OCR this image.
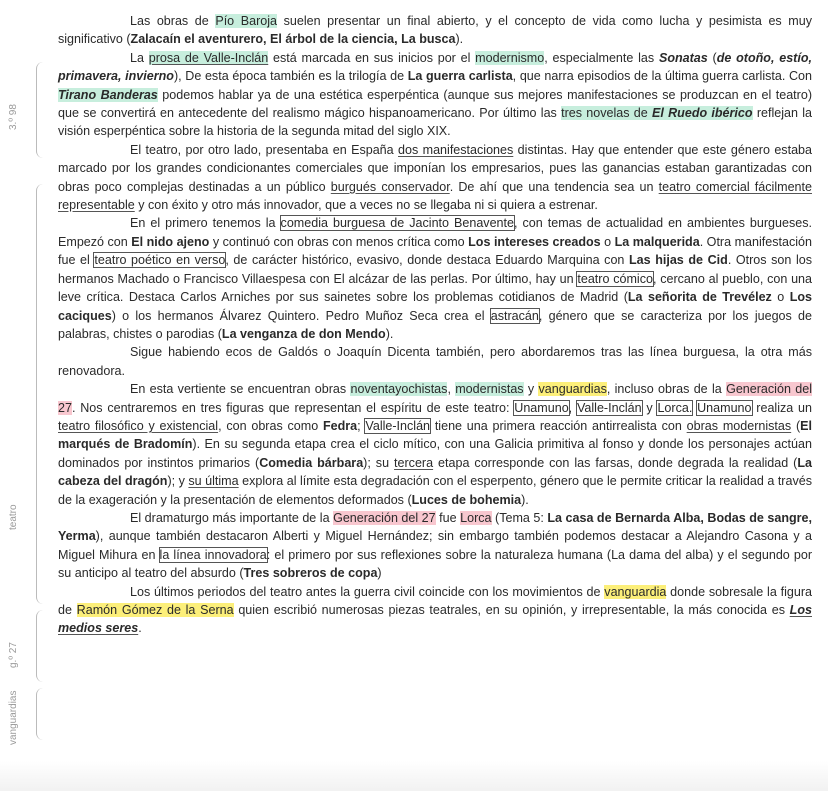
Las obras de Pío Baroja suelen presentar un final abierto, y el concepto de vida como lucha y pesimista es muy significativo (Zalacaín el aventurero, El árbol de la ciencia, La busca).

La prosa de Valle-Inclán está marcada en sus inicios por el modernismo, especialmente las Sonatas (de otoño, estío, primavera, invierno), De esta época también es la trilogía de La guerra carlista, que narra episodios de la última guerra carlista. Con Tirano Banderas podemos hablar ya de una estética esperpéntica (aunque sus mejores manifestaciones se produzcan en el teatro) que se convertirá en antecedente del realismo mágico hispanoamericano. Por último las tres novelas de El Ruedo ibérico reflejan la visión esperpéntica sobre la historia de la segunda mitad del siglo XIX.

El teatro, por otro lado, presentaba en España dos manifestaciones distintas. Hay que entender que este género estaba marcado por los grandes condicionantes comerciales que imponían los empresarios, pues las ganancias estaban garantizadas con obras poco complejas destinadas a un público burgués conservador. De ahí que una tendencia sea un teatro comercial fácilmente representable y con éxito y otro más innovador, que a veces no se llegaba ni si quiera a estrenar.

En el primero tenemos la comedia burguesa de Jacinto Benavente, con temas de actualidad en ambientes burgueses. Empezó con El nido ajeno y continuó con obras con menos crítica como Los intereses creados o La malquerida. Otra manifestación fue el teatro poético en verso, de carácter histórico, evasivo, donde destaca Eduardo Marquina con Las hijas de Cid. Otros son los hermanos Machado o Francisco Villaespesa con El alcázar de las perlas. Por último, hay un teatro cómico, cercano al pueblo, con una leve crítica. Destaca Carlos Arniches por sus sainetes sobre los problemas cotidianos de Madrid (La señorita de Trevélez o Los caciques) o los hermanos Álvarez Quintero. Pedro Muñoz Seca crea el astracán, género que se caracteriza por los juegos de palabras, chistes o parodias (La venganza de don Mendo).

Sigue habiendo ecos de Galdós o Joaquín Dicenta también, pero abordaremos tras las línea burguesa, la otra más renovadora.

En esta vertiente se encuentran obras noventayochistas, modernistas y vanguardias, incluso obras de la Generación del 27. Nos centraremos en tres figuras que representan el espíritu de este teatro: Unamuno, Valle-Inclán y Lorca. Unamuno realiza un teatro filosófico y existencial, con obras como Fedra; Valle-Inclán tiene una primera reacción antirrealista con obras modernistas (El marqués de Bradomín). En su segunda etapa crea el ciclo mítico, con una Galicia primitiva al fonso y donde los personajes actúan dominados por instintos primarios (Comedia bárbara); su tercera etapa corresponde con las farsas, donde degrada la realidad (La cabeza del dragón); y su última explora al límite esta degradación con el esperpento, género que le permite criticar la realidad a través de la exageración y la presentación de elementos deformados (Luces de bohemia).

El dramaturgo más importante de la Generación del 27 fue Lorca (Tema 5: La casa de Bernarda Alba, Bodas de sangre, Yerma), aunque también destacaron Alberti y Miguel Hernández; sin embargo también podemos destacar a Alejandro Casona y a Miguel Mihura en la línea innovadora: el primero por sus reflexiones sobre la naturaleza humana (La dama del alba) y el segundo por su anticipo al teatro del absurdo (Tres sobreros de copa)

Los últimos periodos del teatro antes la guerra civil coincide con los movimientos de vanguardia donde sobresale la figura de Ramón Gómez de la Serna quien escribió numerosas piezas teatrales, en su opinión, y irrepresentable, la más conocida es Los medios seres.

3.º 98
teatro
g.º 27
vanguardias
